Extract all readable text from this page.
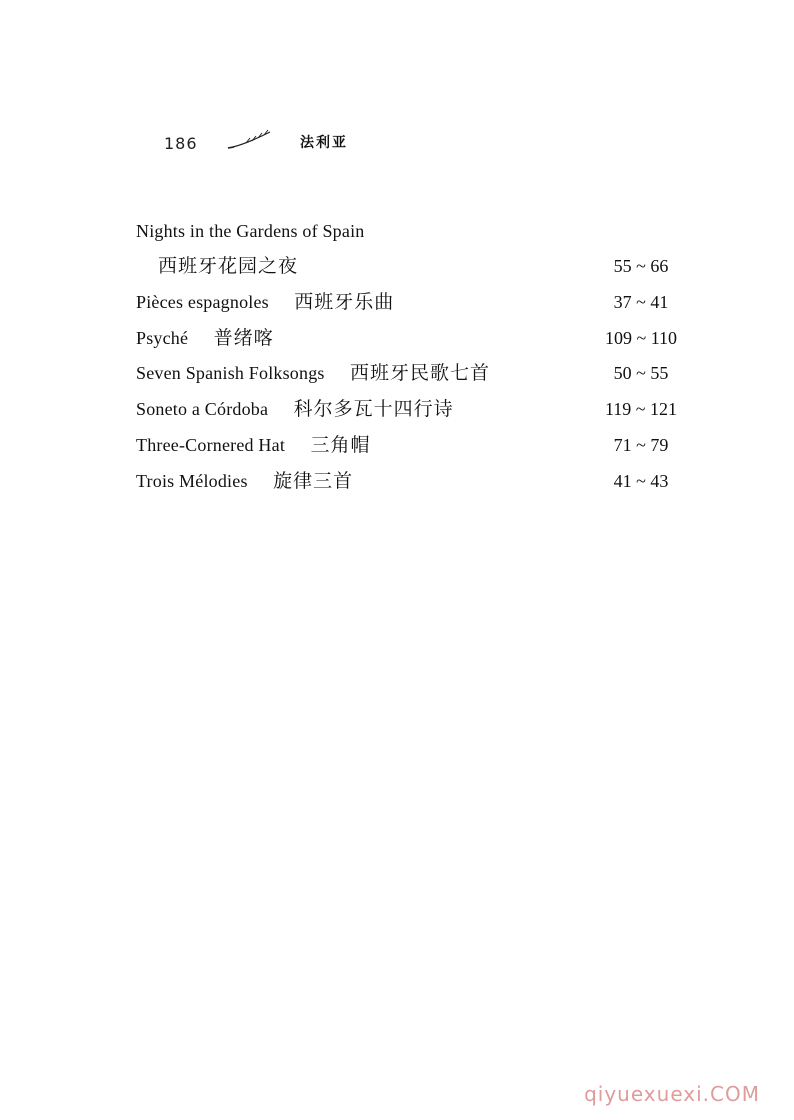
186	法利亚
Nights in the Gardens of Spain
西班牙花园之夜	55 ~ 66
Pièces espagnoles 西班牙乐曲	37 ~ 41
Psyché 普绪喀	109 ~ 110
Seven Spanish Folksongs 西班牙民歌七首	50 ~ 55
Soneto a Córdoba 科尔多瓦十四行诗	119 ~ 121
Three-Cornered Hat 三角帽	71 ~ 79
Trois Mélodies 旋律三首	41 ~ 43
qiyuexuexi.COM
